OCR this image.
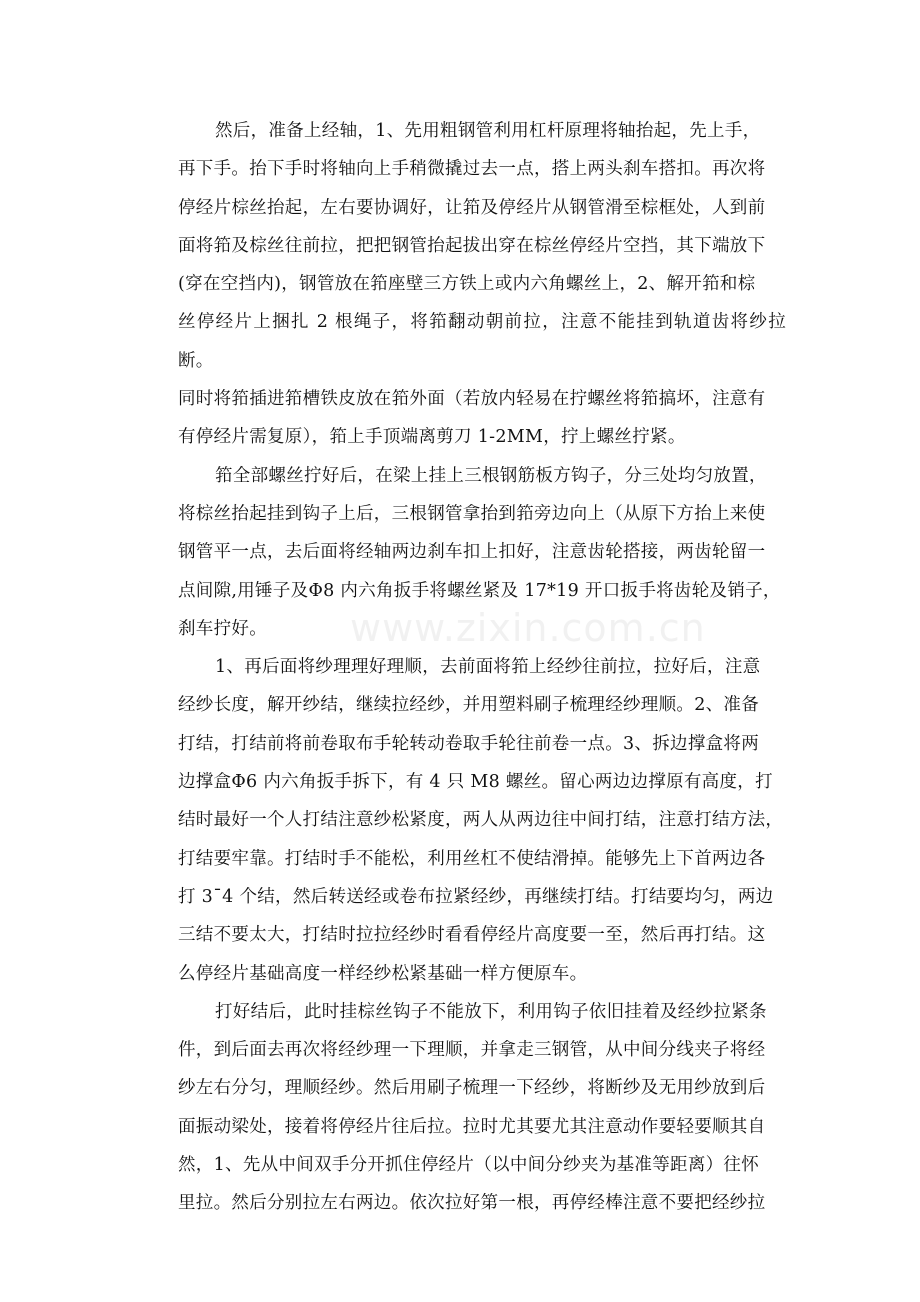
然后，准备上经轴，1、先用粗钢管利用杠杆原理将轴抬起，先上手，
再下手。抬下手时将轴向上手稍微撬过去一点，搭上两头刹车搭扣。再次将
停经片棕丝抬起，左右要协调好，让筘及停经片从钢管滑至棕框处，人到前
面将筘及棕丝往前拉，把把钢管抬起拔出穿在棕丝停经片空挡，其下端放下
(穿在空挡内)，钢管放在筘座壁三方铁上或内六角螺丝上，2、解开筘和棕
丝停经片上捆扎 2 根绳子，将筘翻动朝前拉，注意不能挂到轨道齿将纱拉断。
同时将筘插进筘槽铁皮放在筘外面（若放内轻易在拧螺丝将筘搞坏，注意有
有停经片需复原），筘上手顶端离剪刀 1-2MM，拧上螺丝拧紧。

筘全部螺丝拧好后，在梁上挂上三根钢筋板方钩子，分三处均匀放置，
将棕丝抬起挂到钩子上后，三根钢管拿抬到筘旁边向上（从原下方抬上来使
钢管平一点，去后面将经轴两边刹车扣上扣好，注意齿轮搭接，两齿轮留一
点间隙,用锤子及Φ8 内六角扳手将螺丝紧及 17*19 开口扳手将齿轮及销子，
刹车拧好。

1、再后面将纱理理好理顺，去前面将筘上经纱往前拉，拉好后，注意
经纱长度，解开纱结，继续拉经纱，并用塑料刷子梳理经纱理顺。2、准备
打结，打结前将前卷取布手轮转动卷取手轮往前卷一点。3、拆边撑盒将两
边撑盒Φ6 内六角扳手拆下，有 4 只 M8 螺丝。留心两边边撑原有高度，打
结时最好一个人打结注意纱松紧度，两人从两边往中间打结，注意打结方法，
打结要牢靠。打结时手不能松，利用丝杠不使结滑掉。能够先上下首两边各
打 3¯4 个结，然后转送经或卷布拉紧经纱，再继续打结。打结要均匀，两边
三结不要太大，打结时拉拉经纱时看看停经片高度要一至，然后再打结。这
么停经片基础高度一样经纱松紧基础一样方便原车。

打好结后，此时挂棕丝钩子不能放下，利用钩子依旧挂着及经纱拉紧条
件，到后面去再次将经纱理一下理顺，并拿走三钢管，从中间分线夹子将经
纱左右分匀，理顺经纱。然后用刷子梳理一下经纱，将断纱及无用纱放到后
面振动梁处，接着将停经片往后拉。拉时尤其要尤其注意动作要轻要顺其自
然，1、先从中间双手分开抓住停经片（以中间分纱夹为基准等距离）往怀
里拉。然后分别拉左右两边。依次拉好第一根，再停经棒注意不要把经纱拉

www.zixin.com.cn
